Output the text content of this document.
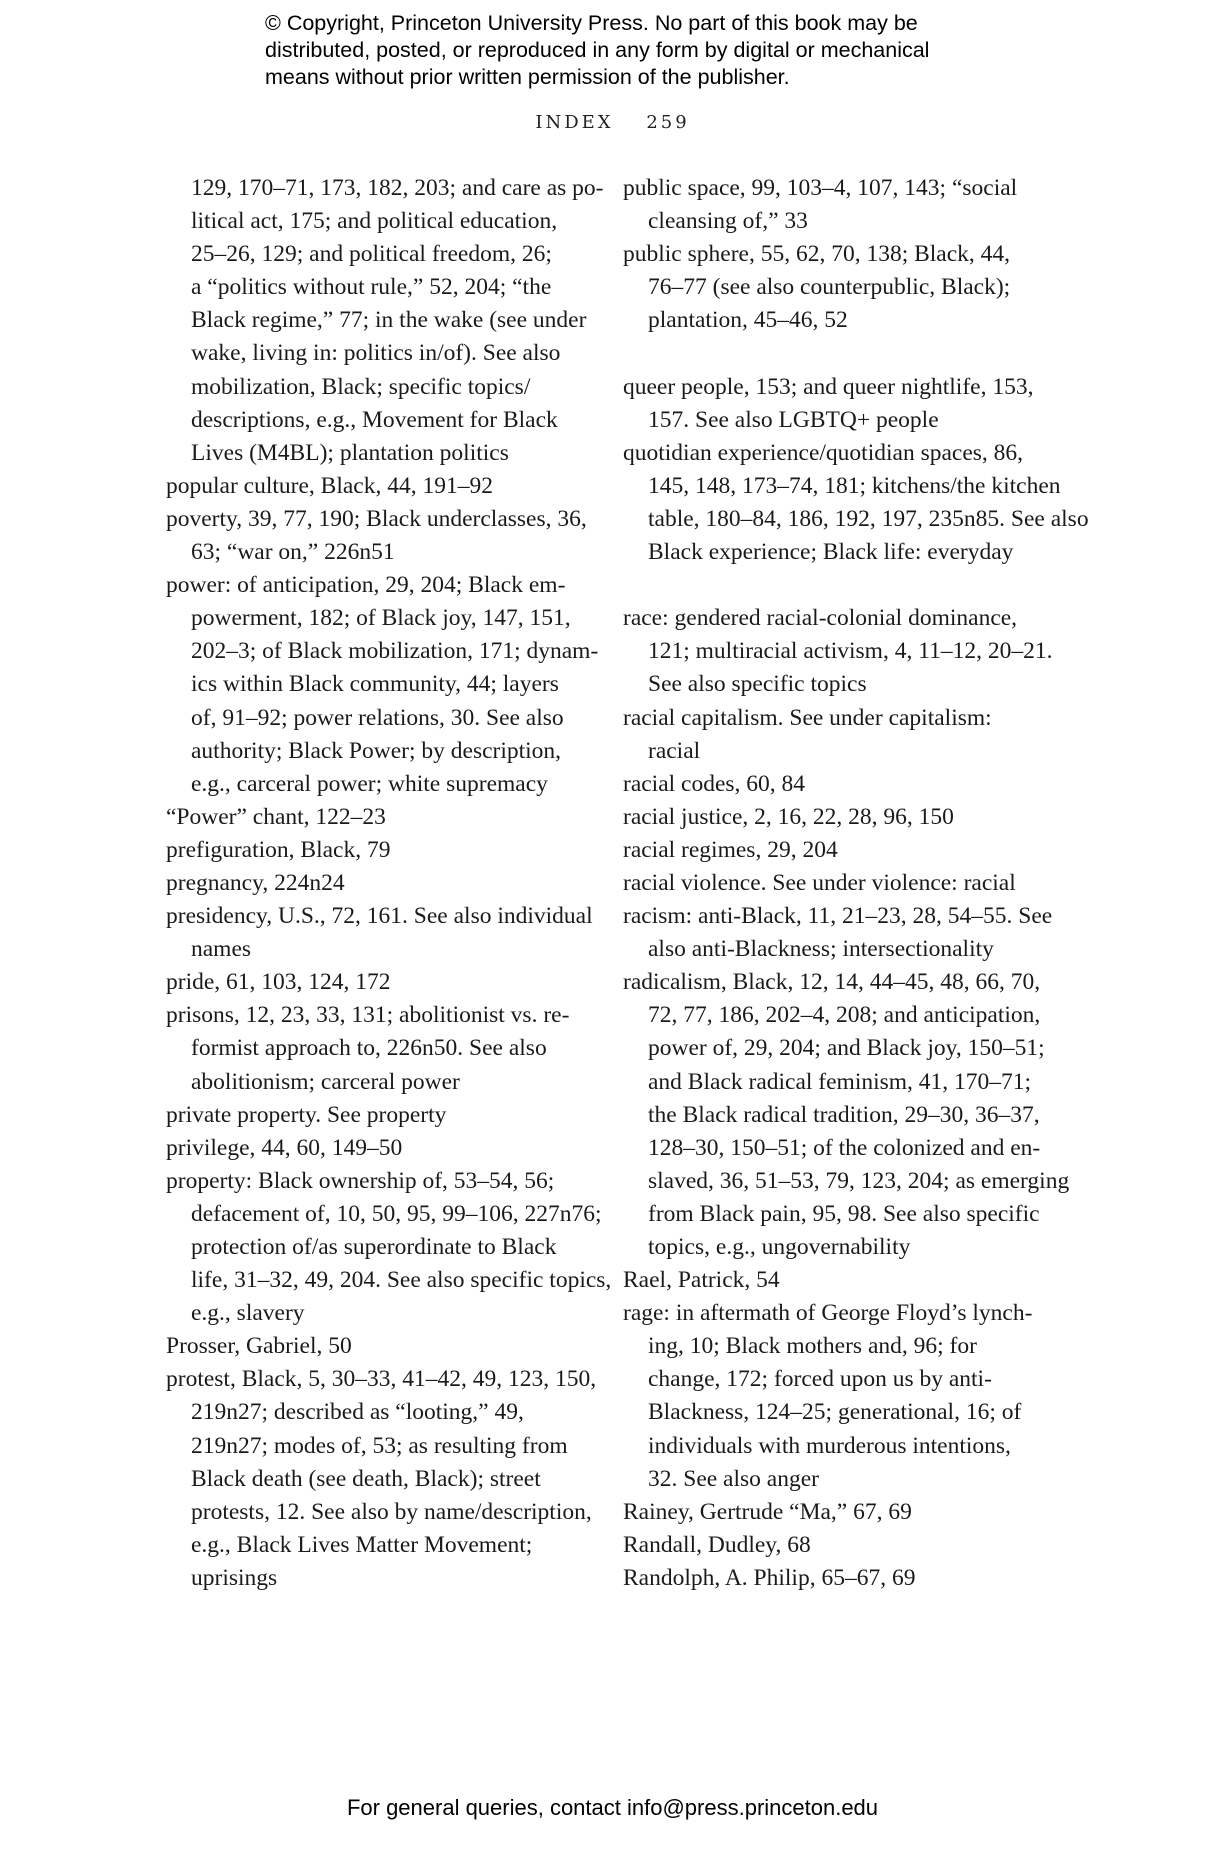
© Copyright, Princeton University Press. No part of this book may be
distributed, posted, or reproduced in any form by digital or mechanical
means without prior written permission of the publisher.
INDEX 259
129, 170–71, 173, 182, 203; and care as po-
litical act, 175; and political education,
25–26, 129; and political freedom, 26;
a “politics without rule,” 52, 204; “the
Black regime,” 77; in the wake (see under
wake, living in: politics in/of). See also
mobilization, Black; specific topics/
descriptions, e.g., Movement for Black
Lives (M4BL); plantation politics
popular culture, Black, 44, 191–92
poverty, 39, 77, 190; Black underclasses, 36,
63; “war on,” 226n51
power: of anticipation, 29, 204; Black em-
powerment, 182; of Black joy, 147, 151,
202–3; of Black mobilization, 171; dynam-
ics within Black community, 44; layers
of, 91–92; power relations, 30. See also
authority; Black Power; by description,
e.g., carceral power; white supremacy
“Power” chant, 122–23
prefiguration, Black, 79
pregnancy, 224n24
presidency, U.S., 72, 161. See also individual
names
pride, 61, 103, 124, 172
prisons, 12, 23, 33, 131; abolitionist vs. re-
formist approach to, 226n50. See also
abolitionism; carceral power
private property. See property
privilege, 44, 60, 149–50
property: Black ownership of, 53–54, 56;
defacement of, 10, 50, 95, 99–106, 227n76;
protection of/as superordinate to Black
life, 31–32, 49, 204. See also specific topics,
e.g., slavery
Prosser, Gabriel, 50
protest, Black, 5, 30–33, 41–42, 49, 123, 150,
219n27; described as “looting,” 49,
219n27; modes of, 53; as resulting from
Black death (see death, Black); street
protests, 12. See also by name/description,
e.g., Black Lives Matter Movement;
uprisings
public space, 99, 103–4, 107, 143; “social
cleansing of,” 33
public sphere, 55, 62, 70, 138; Black, 44,
76–77 (see also counterpublic, Black);
plantation, 45–46, 52
queer people, 153; and queer nightlife, 153,
157. See also LGBTQ+ people
quotidian experience/quotidian spaces, 86,
145, 148, 173–74, 181; kitchens/the kitchen
table, 180–84, 186, 192, 197, 235n85. See also
Black experience; Black life: everyday
race: gendered racial-colonial dominance,
121; multiracial activism, 4, 11–12, 20–21.
See also specific topics
racial capitalism. See under capitalism:
racial
racial codes, 60, 84
racial justice, 2, 16, 22, 28, 96, 150
racial regimes, 29, 204
racial violence. See under violence: racial
racism: anti-Black, 11, 21–23, 28, 54–55. See
also anti-Blackness; intersectionality
radicalism, Black, 12, 14, 44–45, 48, 66, 70,
72, 77, 186, 202–4, 208; and anticipation,
power of, 29, 204; and Black joy, 150–51;
and Black radical feminism, 41, 170–71;
the Black radical tradition, 29–30, 36–37,
128–30, 150–51; of the colonized and en-
slaved, 36, 51–53, 79, 123, 204; as emerging
from Black pain, 95, 98. See also specific
topics, e.g., ungovernability
Rael, Patrick, 54
rage: in aftermath of George Floyd’s lynch-
ing, 10; Black mothers and, 96; for
change, 172; forced upon us by anti-
Blackness, 124–25; generational, 16; of
individuals with murderous intentions,
32. See also anger
Rainey, Gertrude “Ma,” 67, 69
Randall, Dudley, 68
Randolph, A. Philip, 65–67, 69
For general queries, contact info@press.princeton.edu
